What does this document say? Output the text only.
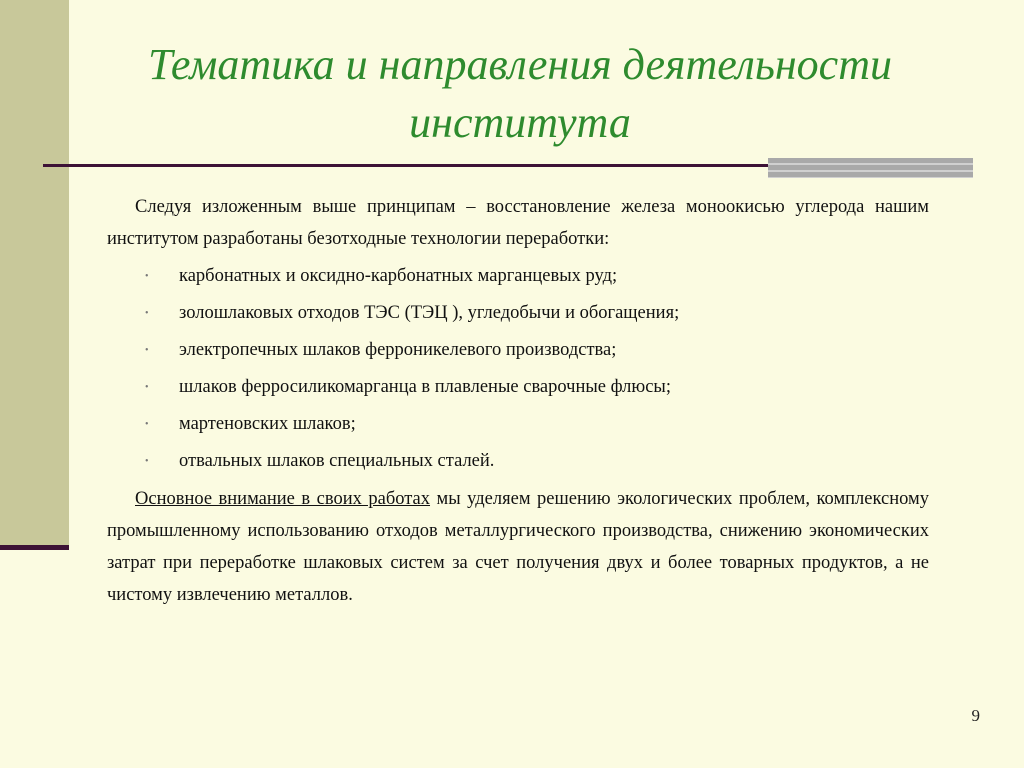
Тематика и направления деятельности
института

Следуя изложенным выше принципам – восстановление железа моноокисью углерода нашим институтом разработаны безотходные технологии переработки:

• карбонатных и оксидно-карбонатных марганцевых руд;
• золошлаковых отходов ТЭС (ТЭЦ ), угледобычи и обогащения;
• электропечных шлаков ферроникелевого производства;
• шлаков ферросиликомарганца в плавленые сварочные флюсы;
• мартеновских шлаков;
• отвальных шлаков специальных сталей.

Основное внимание в своих работах мы уделяем решению экологических проблем, комплексному промышленному использованию отходов металлургического производства, снижению экономических затрат при переработке шлаковых систем за счет получения двух и более товарных продуктов, а не чистому извлечению металлов.

9
